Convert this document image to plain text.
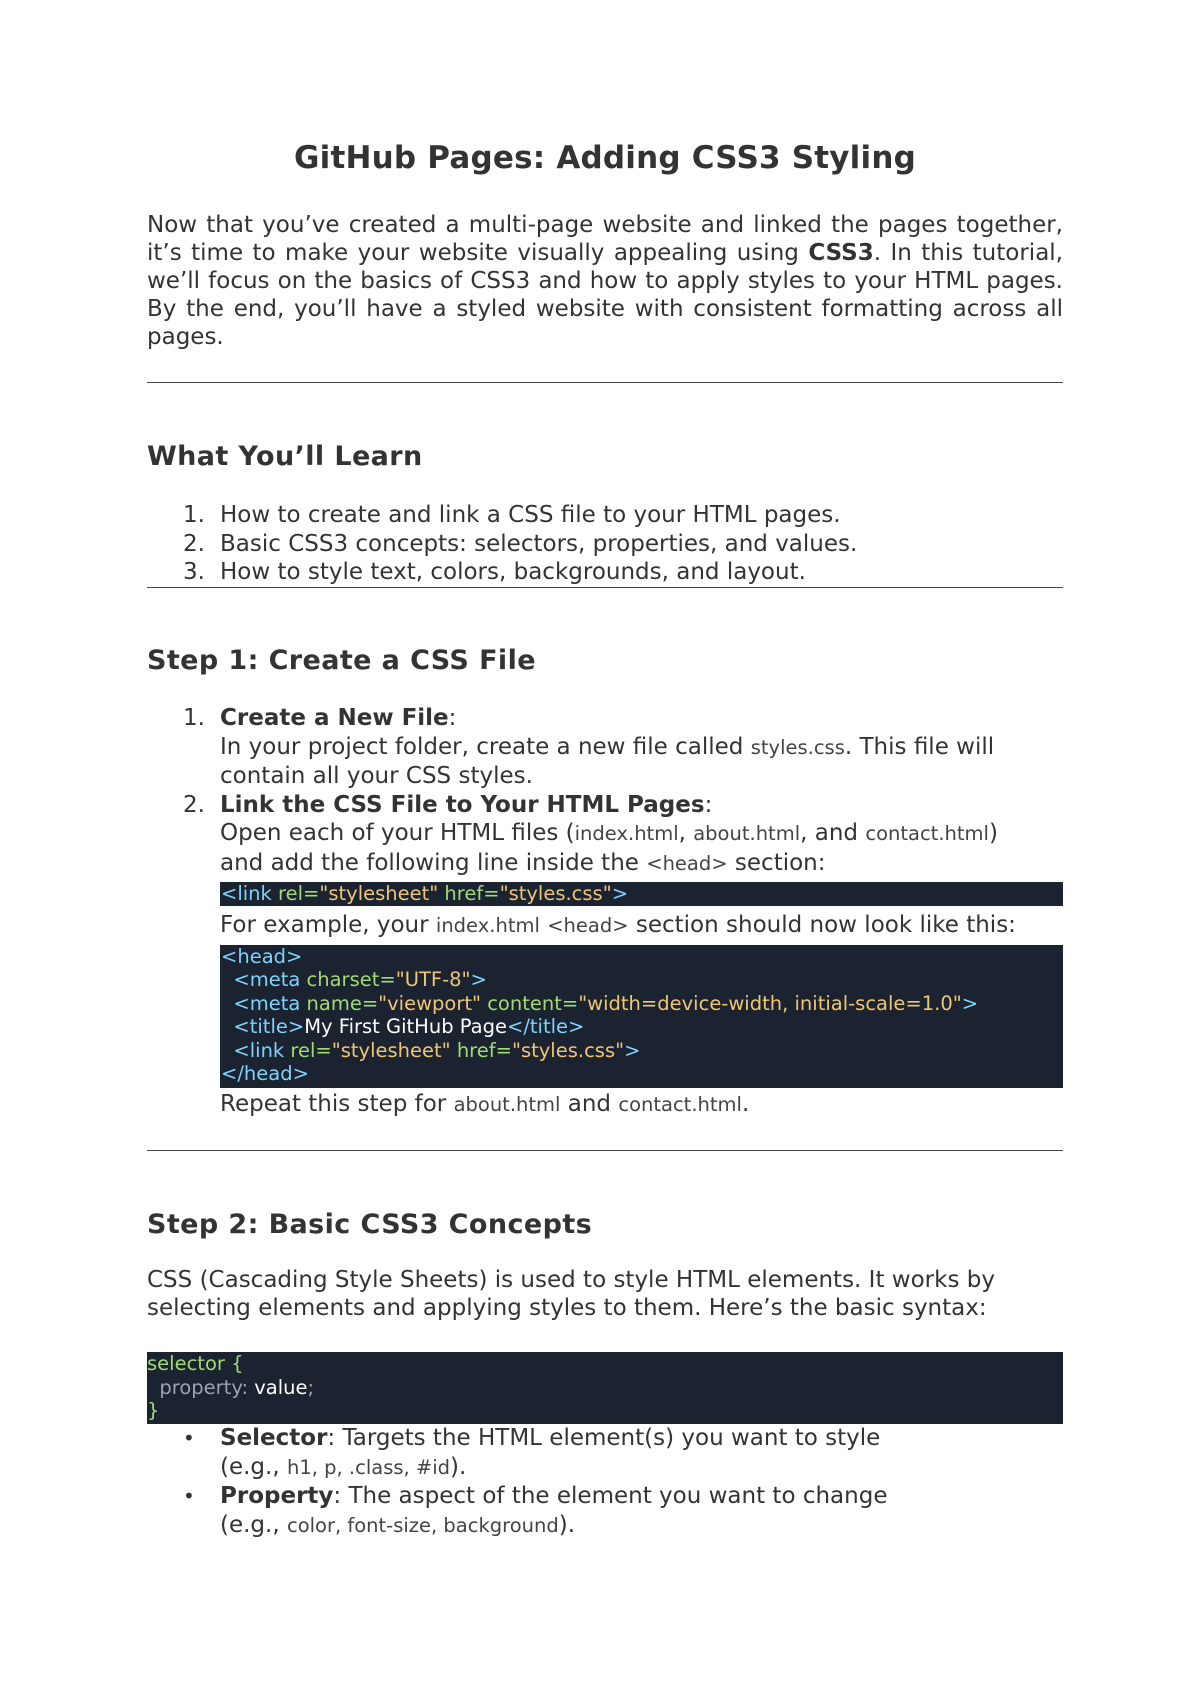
GitHub Pages: Adding CSS3 Styling

Now that you’ve created a multi-page website and linked the pages together, it’s time to make your website visually appealing using CSS3. In this tutorial, we’ll focus on the basics of CSS3 and how to apply styles to your HTML pages. By the end, you’ll have a styled website with consistent formatting across all pages.

What You’ll Learn
1. How to create and link a CSS file to your HTML pages.
2. Basic CSS3 concepts: selectors, properties, and values.
3. How to style text, colors, backgrounds, and layout.
Step 1: Create a CSS File
1. Create a New File:
In your project folder, create a new file called styles.css. This file will contain all your CSS styles.
2. Link the CSS File to Your HTML Pages:
Open each of your HTML files (index.html, about.html, and contact.html)
and add the following line inside the <head> section:
<link rel="stylesheet" href="styles.css">
For example, your index.html <head> section should now look like this:
<head>
<meta charset="UTF-8">
<meta name="viewport" content="width=device-width, initial-scale=1.0">
<title>My First GitHub Page</title>
<link rel="stylesheet" href="styles.css">
</head>
Repeat this step for about.html and contact.html.
Step 2: Basic CSS3 Concepts

CSS (Cascading Style Sheets) is used to style HTML elements. It works by selecting elements and applying styles to them. Here’s the basic syntax:

selector {
property: value;
}
• Selector: Targets the HTML element(s) you want to style
(e.g., h1, p, .class, #id).
• Property: The aspect of the element you want to change
(e.g., color, font-size, background).
